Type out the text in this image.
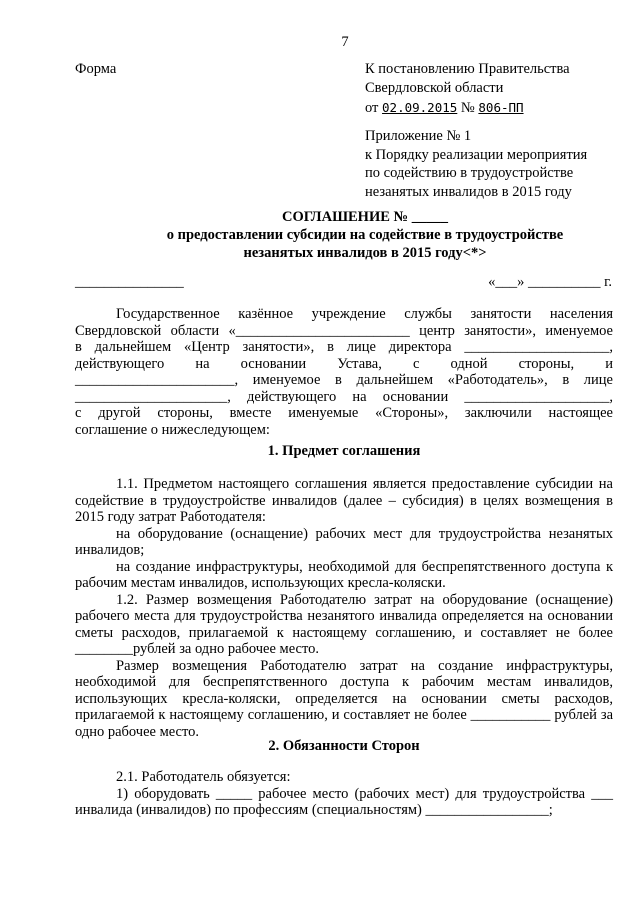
7
Форма	К постановлению Правительства
Свердловской области
от 02.09.2015 № 806-ПП
Приложение № 1
к Порядку реализации мероприятия
по содействию в трудоустройстве
незанятых инвалидов в 2015 году
СОГЛАШЕНИЕ № _____
о предоставлении субсидии на содействие в трудоустройстве
незанятых инвалидов в 2015 году<*>
_______________	«___» __________ г.

Государственное казённое учреждение службы занятости населения

Свердловской области «________________________ центр занятости», именуемое

в дальнейшем «Центр занятости», в лице директора ____________________,

действующего на основании Устава, с одной стороны, и

______________________, именуемое в дальнейшем «Работодатель», в лице

_____________________, действующего на основании ____________________,

с другой стороны, вместе именуемые «Стороны», заключили настоящее

соглашение о нижеследующем:

1. Предмет соглашения

1.1. Предметом настоящего соглашения является предоставление субсидии на содействие в трудоустройстве инвалидов (далее – субсидия) в целях возмещения в 2015 году затрат Работодателя:

на оборудование (оснащение) рабочих мест для трудоустройства незанятых инвалидов;

на создание инфраструктуры, необходимой для беспрепятственного доступа к рабочим местам инвалидов, использующих кресла-коляски.

1.2. Размер возмещения Работодателю затрат на оборудование (оснащение) рабочего места для трудоустройства незанятого инвалида определяется на основании сметы расходов, прилагаемой к настоящему соглашению, и составляет не более ________рублей за одно рабочее место.

Размер возмещения Работодателю затрат на создание инфраструктуры, необходимой для беспрепятственного доступа к рабочим местам инвалидов, использующих кресла-коляски, определяется на основании сметы расходов, прилагаемой к настоящему соглашению, и составляет не более ___________ рублей за одно рабочее место.

2. Обязанности Сторон

2.1. Работодатель обязуется:

1) оборудовать _____ рабочее место (рабочих мест) для трудоустройства ___ инвалида (инвалидов) по профессиям (специальностям) _________________;
